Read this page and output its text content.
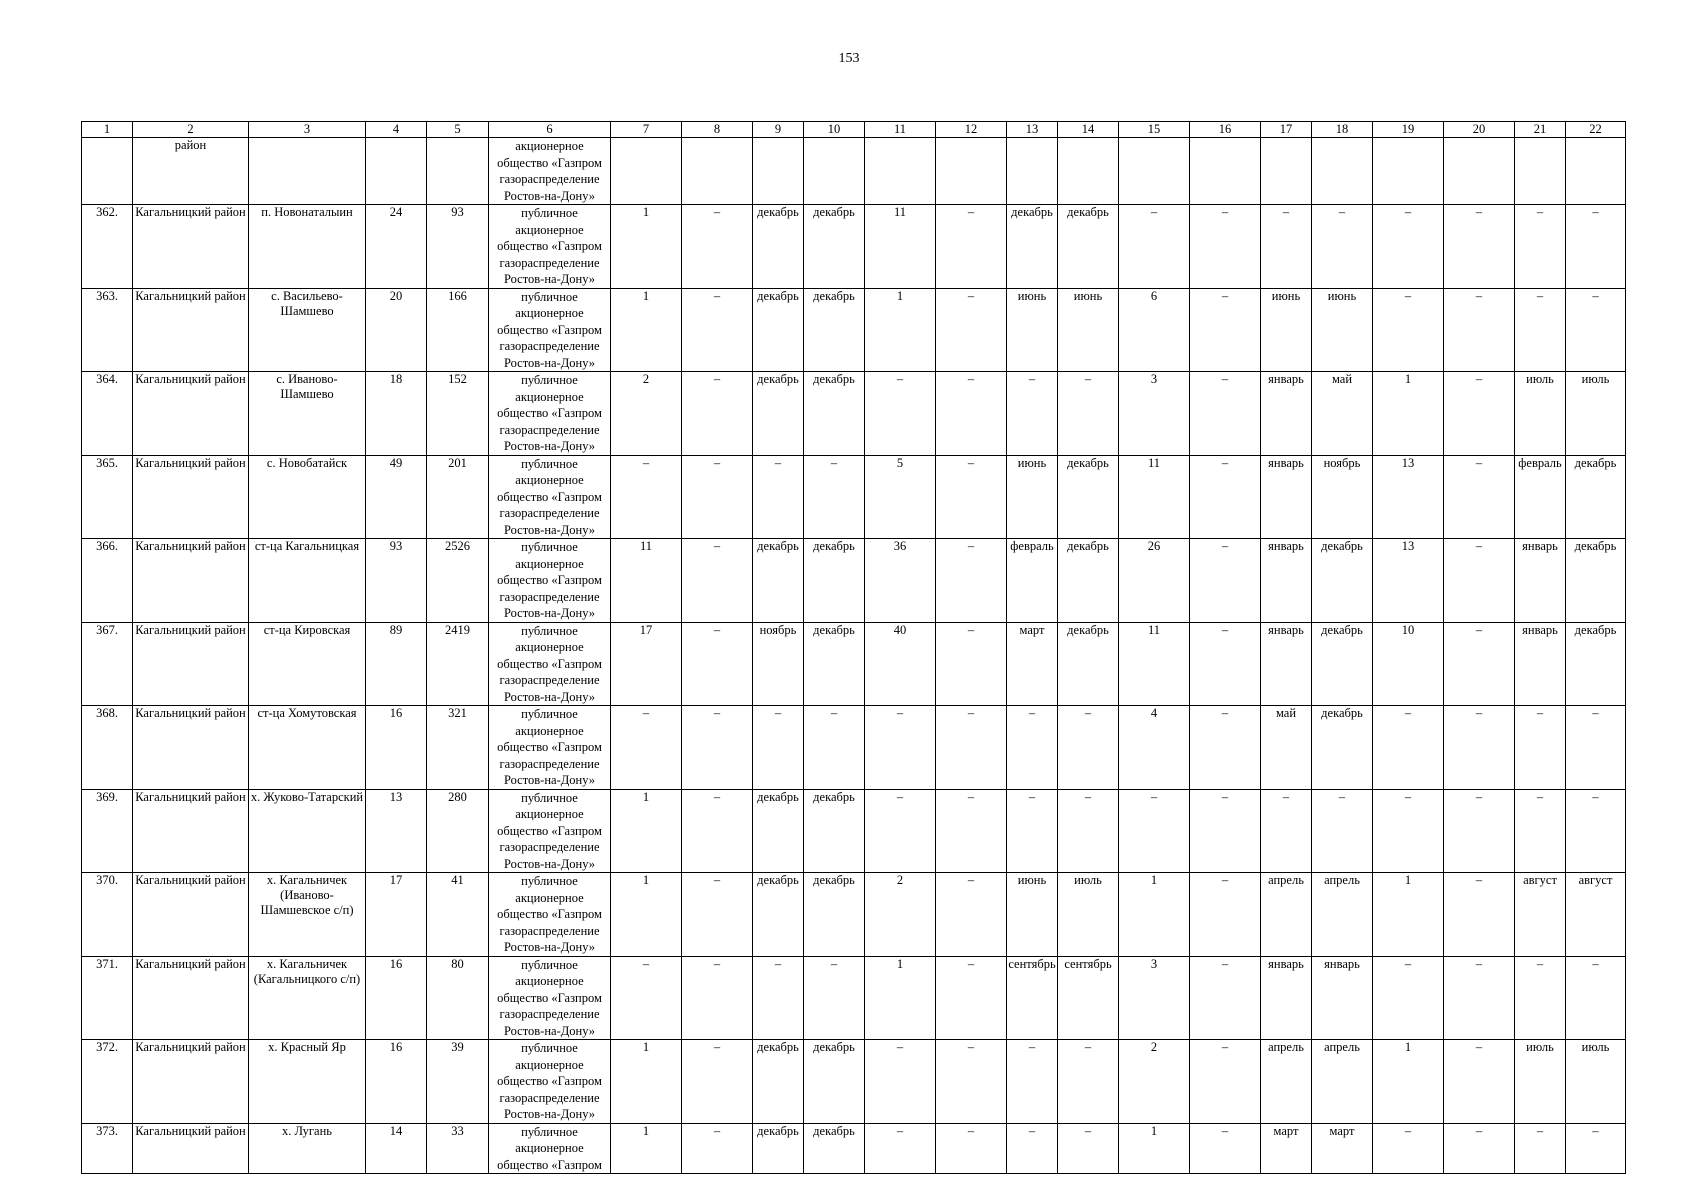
153
1	2	3	4	5	6	7	8	9	10	11	12	13	14	15	16	17	18	19	20	21	22
	район				акционерное общество «Газпром газораспределение Ростов-на-Дону»																
362.	Кагальницкий район	п. Новонаталыин	24	93	публичное акционерное общество «Газпром газораспределение Ростов-на-Дону»	1	–	декабрь	декабрь	11	–	декабрь	декабрь	–	–	–	–	–	–	–	–
363.	Кагальницкий район	с. Васильево-Шамшево	20	166	публичное акционерное общество «Газпром газораспределение Ростов-на-Дону»	1	–	декабрь	декабрь	1	–	июнь	июнь	6	–	июнь	июнь	–	–	–	–
364.	Кагальницкий район	с. Иваново-Шамшево	18	152	публичное акционерное общество «Газпром газораспределение Ростов-на-Дону»	2	–	декабрь	декабрь	–	–	–	–	3	–	январь	май	1	–	июль	июль
365.	Кагальницкий район	с. Новобатайск	49	201	публичное акционерное общество «Газпром газораспределение Ростов-на-Дону»	–	–	–	–	5	–	июнь	декабрь	11	–	январь	ноябрь	13	–	февраль	декабрь
366.	Кагальницкий район	ст-ца Кагальницкая	93	2526	публичное акционерное общество «Газпром газораспределение Ростов-на-Дону»	11	–	декабрь	декабрь	36	–	февраль	декабрь	26	–	январь	декабрь	13	–	январь	декабрь
367.	Кагальницкий район	ст-ца Кировская	89	2419	публичное акционерное общество «Газпром газораспределение Ростов-на-Дону»	17	–	ноябрь	декабрь	40	–	март	декабрь	11	–	январь	декабрь	10	–	январь	декабрь
368.	Кагальницкий район	ст-ца Хомутовская	16	321	публичное акционерное общество «Газпром газораспределение Ростов-на-Дону»	–	–	–	–	–	–	–	–	4	–	май	декабрь	–	–	–	–
369.	Кагальницкий район	х. Жуково-Татарский	13	280	публичное акционерное общество «Газпром газораспределение Ростов-на-Дону»	1	–	декабрь	декабрь	–	–	–	–	–	–	–	–	–	–	–	–
370.	Кагальницкий район	х. Кагальничек (Иваново-Шамшевское с/п)	17	41	публичное акционерное общество «Газпром газораспределение Ростов-на-Дону»	1	–	декабрь	декабрь	2	–	июнь	июль	1	–	апрель	апрель	1	–	август	август
371.	Кагальницкий район	х. Кагальничек (Кагальницкого с/п)	16	80	публичное акционерное общество «Газпром газораспределение Ростов-на-Дону»	–	–	–	–	1	–	сентябрь	сентябрь	3	–	январь	январь	–	–	–	–
372.	Кагальницкий район	х. Красный Яр	16	39	публичное акционерное общество «Газпром газораспределение Ростов-на-Дону»	1	–	декабрь	декабрь	–	–	–	–	2	–	апрель	апрель	1	–	июль	июль
373.	Кагальницкий район	х. Лугань	14	33	публичное акционерное общество «Газпром	1	–	декабрь	декабрь	–	–	–	–	1	–	март	март	–	–	–	–
